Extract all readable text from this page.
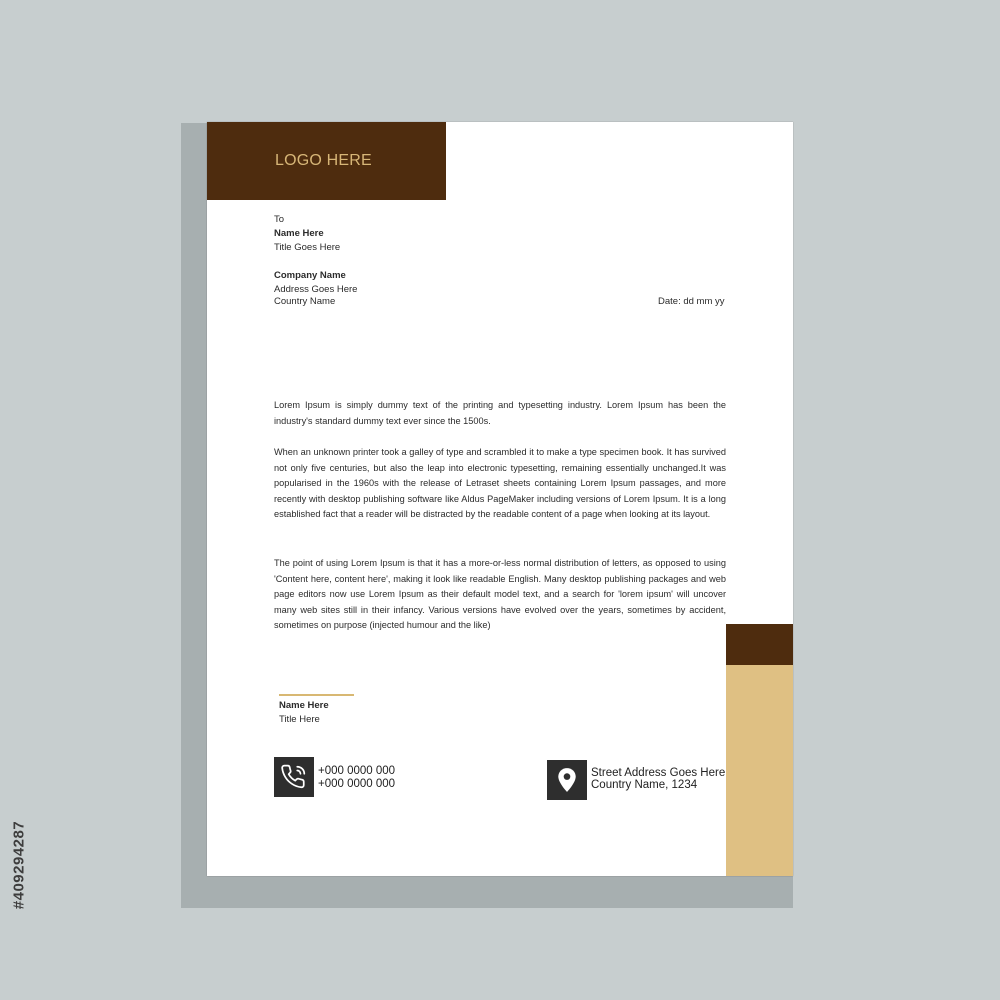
LOGO HERE
To
Name Here
Title Goes Here
Company Name
Address Goes Here
Country Name	Date: dd mm yy

Lorem Ipsum is simply dummy text of the printing and typesetting industry. Lorem Ipsum has been the industry's standard dummy text ever since the 1500s.

When an unknown printer took a galley of type and scrambled it to make a type specimen book. It has survived not only five centuries, but also the leap into electronic typesetting, remaining essentially unchanged.It was popularised in the 1960s with the release of Letraset sheets containing Lorem Ipsum passages, and more recently with desktop publishing software like Aldus PageMaker including versions of Lorem Ipsum. It is a long established fact that a reader will be distracted by the readable content of a page when looking at its layout.

The point of using Lorem Ipsum is that it has a more-or-less normal distribution of letters, as opposed to using 'Content here, content here', making it look like readable English. Many desktop publishing packages and web page editors now use Lorem Ipsum as their default model text, and a search for 'lorem ipsum' will uncover many web sites still in their infancy. Various versions have evolved over the years, sometimes by accident, sometimes on purpose (injected humour and the like)

Name Here
Title Here
+000 0000 000
+000 0000 000
Street Address Goes Here
Country Name, 1234
#409294287
